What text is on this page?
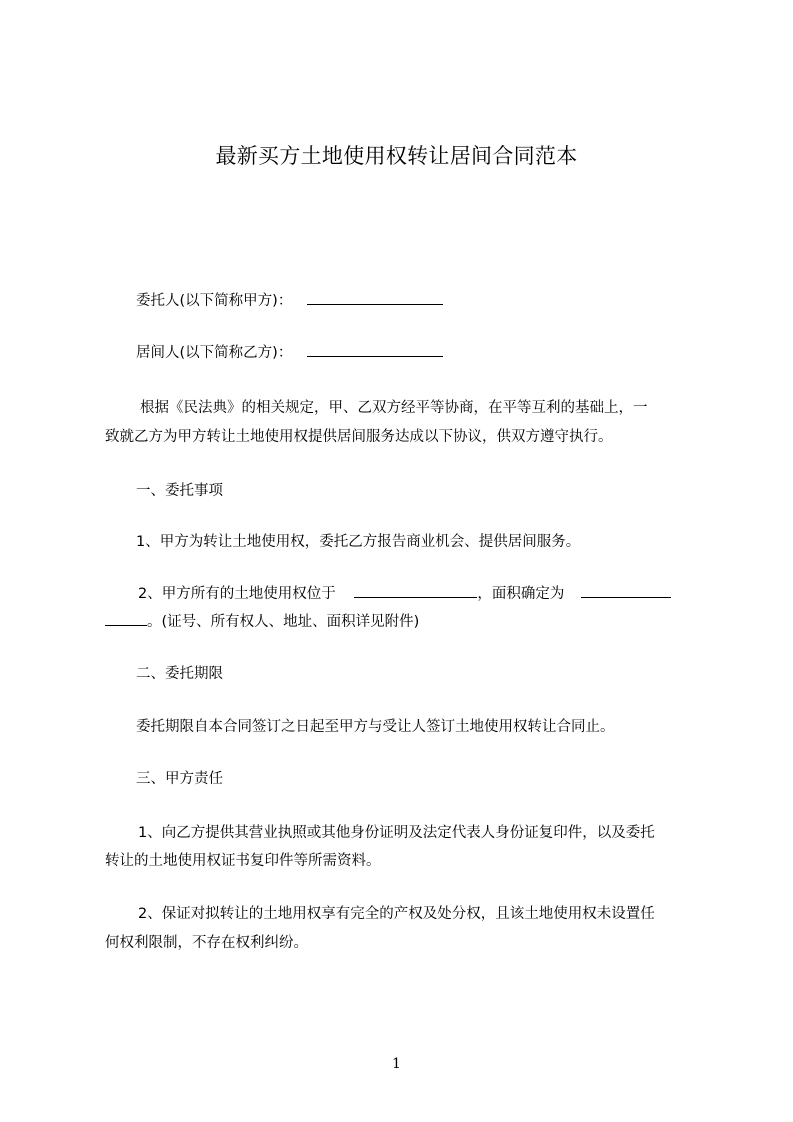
最新买方土地使用权转让居间合同范本
委托人(以下简称甲方)：
居间人(以下简称乙方)：
根据《民法典》的相关规定，甲、乙双方经平等协商，在平等互利的基础上，一
致就乙方为甲方转让土地使用权提供居间服务达成以下协议，供双方遵守执行。
一、委托事项
1、甲方为转让土地使用权，委托乙方报告商业机会、提供居间服务。
2、甲方所有的土地使用权位于	，面积确定为
。(证号、所有权人、地址、面积详见附件)
二、委托期限
委托期限自本合同签订之日起至甲方与受让人签订土地使用权转让合同止。
三、甲方责任
1、向乙方提供其营业执照或其他身份证明及法定代表人身份证复印件，以及委托
转让的土地使用权证书复印件等所需资料。
2、保证对拟转让的土地用权享有完全的产权及处分权，且该土地使用权未设置任
何权利限制，不存在权利纠纷。
1
